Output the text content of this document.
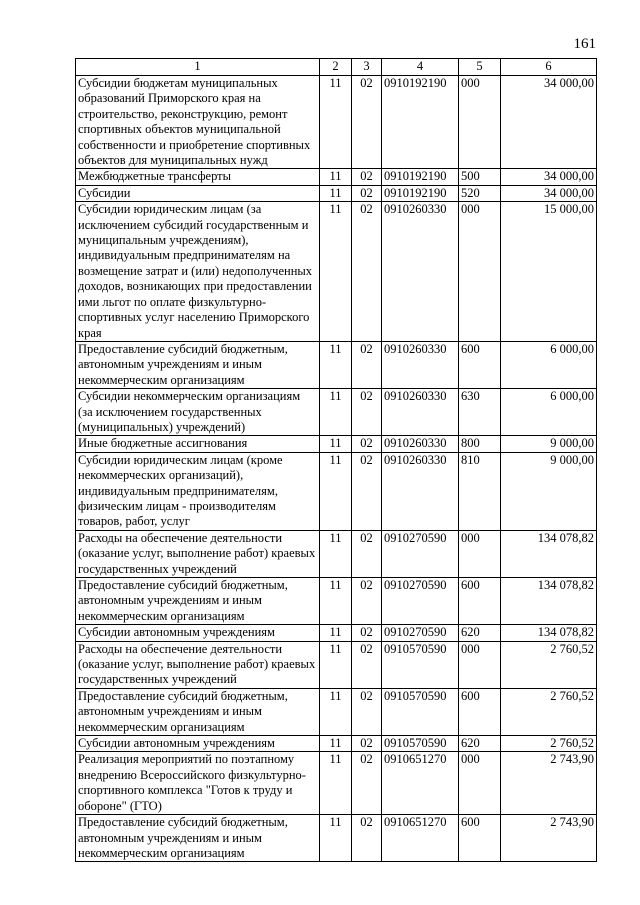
161
1	2	3	4	5	6
Субсидии бюджетам муниципальных образований Приморского края на строительство, реконструкцию, ремонт спортивных объектов муниципальной собственности и приобретение спортивных объектов для муниципальных нужд	11	02	0910192190	000	34 000,00
Межбюджетные трансферты	11	02	0910192190	500	34 000,00
Субсидии	11	02	0910192190	520	34 000,00
Субсидии юридическим лицам (за исключением субсидий государственным и муниципальным учреждениям), индивидуальным предпринимателям на возмещение затрат и (или) недополученных доходов, возникающих при предоставлении ими льгот по оплате физкультурно-спортивных услуг населению Приморского края	11	02	0910260330	000	15 000,00
Предоставление субсидий бюджетным, автономным учреждениям и иным некоммерческим организациям	11	02	0910260330	600	6 000,00
Субсидии некоммерческим организациям (за исключением государственных (муниципальных) учреждений)	11	02	0910260330	630	6 000,00
Иные бюджетные ассигнования	11	02	0910260330	800	9 000,00
Субсидии юридическим лицам (кроме некоммерческих организаций), индивидуальным предпринимателям, физическим лицам - производителям товаров, работ, услуг	11	02	0910260330	810	9 000,00
Расходы на обеспечение деятельности (оказание услуг, выполнение работ) краевых государственных учреждений	11	02	0910270590	000	134 078,82
Предоставление субсидий бюджетным, автономным учреждениям и иным некоммерческим организациям	11	02	0910270590	600	134 078,82
Субсидии автономным учреждениям	11	02	0910270590	620	134 078,82
Расходы на обеспечение деятельности (оказание услуг, выполнение работ) краевых государственных учреждений	11	02	0910570590	000	2 760,52
Предоставление субсидий бюджетным, автономным учреждениям и иным некоммерческим организациям	11	02	0910570590	600	2 760,52
Субсидии автономным учреждениям	11	02	0910570590	620	2 760,52
Реализация мероприятий по поэтапному внедрению Всероссийского физкультурно-спортивного комплекса "Готов к труду и обороне" (ГТО)	11	02	0910651270	000	2 743,90
Предоставление субсидий бюджетным, автономным учреждениям и иным некоммерческим организациям	11	02	0910651270	600	2 743,90
